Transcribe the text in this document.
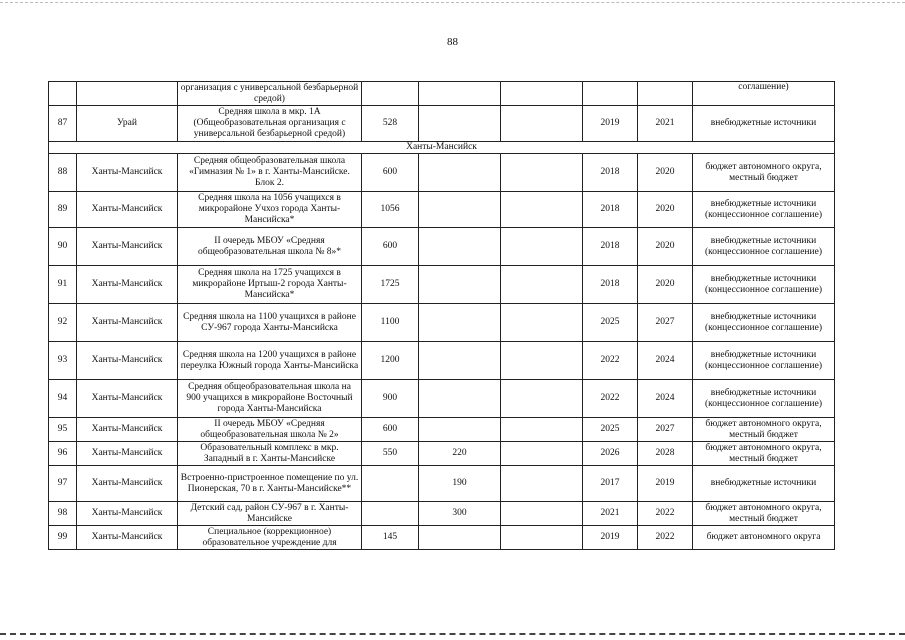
88
		организация с универсальной безбарьерной средой)						соглашение)
87	Урай	Средняя школа в мкр. 1А (Общеобразовательная организация с универсальной безбарьерной средой)	528			2019	2021	внебюджетные источники
Ханты-Мансийск								
88	Ханты-Мансийск	Средняя общеобразовательная школа «Гимназия № 1» в г. Ханты-Мансийске. Блок 2.	600			2018	2020	бюджет автономного округа, местный бюджет
89	Ханты-Мансийск	Средняя школа на 1056 учащихся в микрорайоне Учхоз города Ханты-Мансийска*	1056			2018	2020	внебюджетные источники (концессионное соглашение)
90	Ханты-Мансийск	II очередь МБОУ «Средняя общеобразовательная школа № 8»*	600			2018	2020	внебюджетные источники (концессионное соглашение)
91	Ханты-Мансийск	Средняя школа на 1725 учащихся в микрорайоне Иртыш-2 города Ханты-Мансийска*	1725			2018	2020	внебюджетные источники (концессионное соглашение)
92	Ханты-Мансийск	Средняя школа на 1100 учащихся в районе СУ-967 города Ханты-Мансийска	1100			2025	2027	внебюджетные источники (концессионное соглашение)
93	Ханты-Мансийск	Средняя школа на 1200 учащихся в районе переулка Южный города Ханты-Мансийска	1200			2022	2024	внебюджетные источники (концессионное соглашение)
94	Ханты-Мансийск	Средняя общеобразовательная школа на 900 учащихся в микрорайоне Восточный города Ханты-Мансийска	900			2022	2024	внебюджетные источники (концессионное соглашение)
95	Ханты-Мансийск	II очередь МБОУ «Средняя общеобразовательная школа № 2»	600			2025	2027	бюджет автономного округа, местный бюджет
96	Ханты-Мансийск	Образовательный комплекс в мкр. Западный в г. Ханты-Мансийске	550	220		2026	2028	бюджет автономного округа, местный бюджет
97	Ханты-Мансийск	Встроенно-пристроенное помещение по ул. Пионерская, 70 в г. Ханты-Мансийске**		190		2017	2019	внебюджетные источники
98	Ханты-Мансийск	Детский сад, район СУ-967 в г. Ханты-Мансийске		300		2021	2022	бюджет автономного округа, местный бюджет
99	Ханты-Мансийск	Специальное (коррекционное) образовательное учреждение для	145			2019	2022	бюджет автономного округа
